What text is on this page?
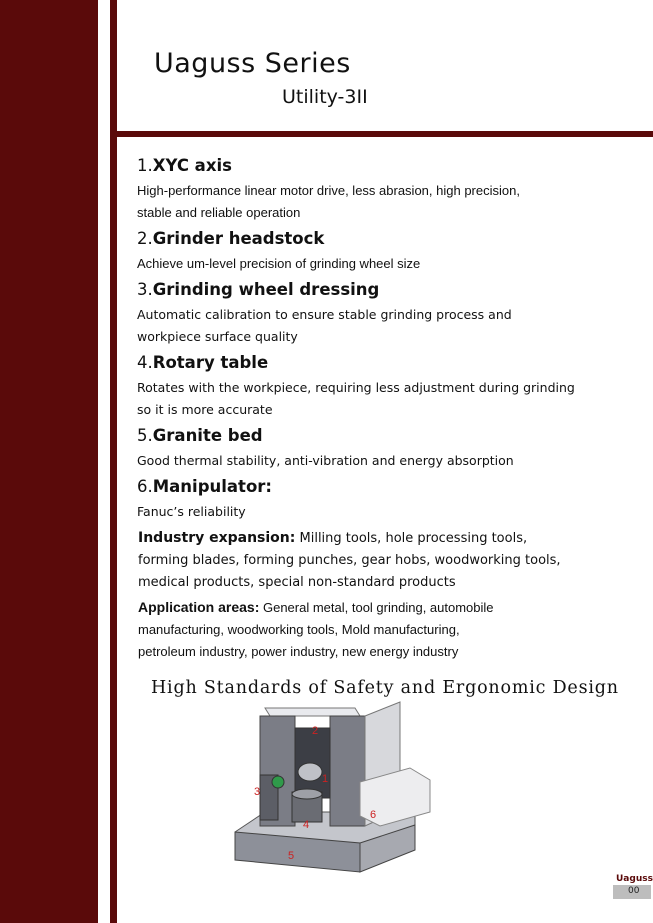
Uaguss Series
Utility-3II
1.XYC axis
High-performance linear motor drive, less abrasion, high precision,
stable and reliable operation
2.Grinder headstock
Achieve um-level precision of grinding wheel size
3.Grinding wheel dressing
Automatic calibration to ensure stable grinding process and
workpiece surface quality
4.Rotary table
Rotates with the workpiece, requiring less adjustment during grinding
so it is more accurate
5.Granite bed
Good thermal stability, anti-vibration and energy absorption
6.Manipulator:
Fanuc’s reliability
Industry expansion: Milling tools, hole processing tools,
forming blades, forming punches, gear hobs, woodworking tools,
medical products, special non-standard products
Application areas: General metal, tool grinding, automobile
manufacturing, woodworking tools, Mold manufacturing,
petroleum industry, power industry, new energy industry
High Standards of Safety and Ergonomic Design
1
2
3
4
5
6
Uaguss
00
